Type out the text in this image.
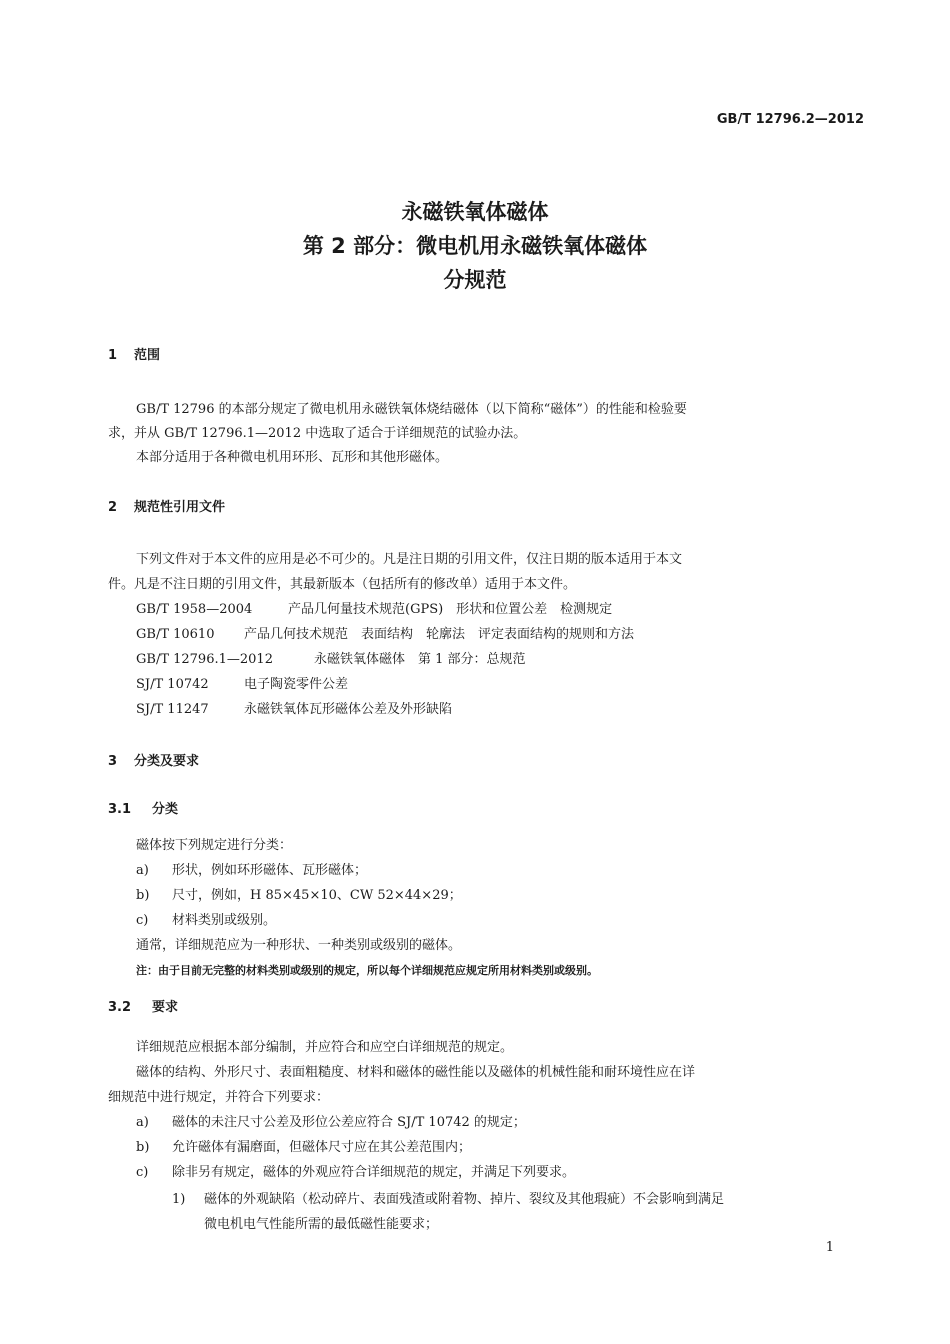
GB/T 12796.2—2012
永磁铁氧体磁体
第 2 部分：微电机用永磁铁氧体磁体
分规范
1 范围
GB/T 12796 的本部分规定了微电机用永磁铁氧体烧结磁体（以下简称“磁体”）的性能和检验要
求，并从 GB/T 12796.1—2012 中选取了适合于详细规范的试验办法。
本部分适用于各种微电机用环形、瓦形和其他形磁体。
2 规范性引用文件
下列文件对于本文件的应用是必不可少的。凡是注日期的引用文件，仅注日期的版本适用于本文
件。凡是不注日期的引用文件，其最新版本（包括所有的修改单）适用于本文件。
GB/T 1958—2004	产品几何量技术规范(GPS)　形状和位置公差　检测规定
GB/T 10610 产品几何技术规范　表面结构　轮廓法　评定表面结构的规则和方法
GB/T 12796.1—2012	永磁铁氧体磁体　第 1 部分：总规范
SJ/T 10742	电子陶瓷零件公差
SJ/T 11247	永磁铁氧体瓦形磁体公差及外形缺陷
3 分类及要求
3.1 分类
磁体按下列规定进行分类：
a) 形状，例如环形磁体、瓦形磁体；
b) 尺寸，例如，H 85×45×10、CW 52×44×29；
c) 材料类别或级别。
通常，详细规范应为一种形状、一种类别或级别的磁体。
注：由于目前无完整的材料类别或级别的规定，所以每个详细规范应规定所用材料类别或级别。
3.2 要求
详细规范应根据本部分编制，并应符合和应空白详细规范的规定。
磁体的结构、外形尺寸、表面粗糙度、材料和磁体的磁性能以及磁体的机械性能和耐环境性应在详
细规范中进行规定，并符合下列要求：
a) 磁体的未注尺寸公差及形位公差应符合 SJ/T 10742 的规定；
b) 允许磁体有漏磨面，但磁体尺寸应在其公差范围内；
c) 除非另有规定，磁体的外观应符合详细规范的规定，并满足下列要求。
1) 磁体的外观缺陷（松动碎片、表面残渣或附着物、掉片、裂纹及其他瑕疵）不会影响到满足
微电机电气性能所需的最低磁性能要求；
1
